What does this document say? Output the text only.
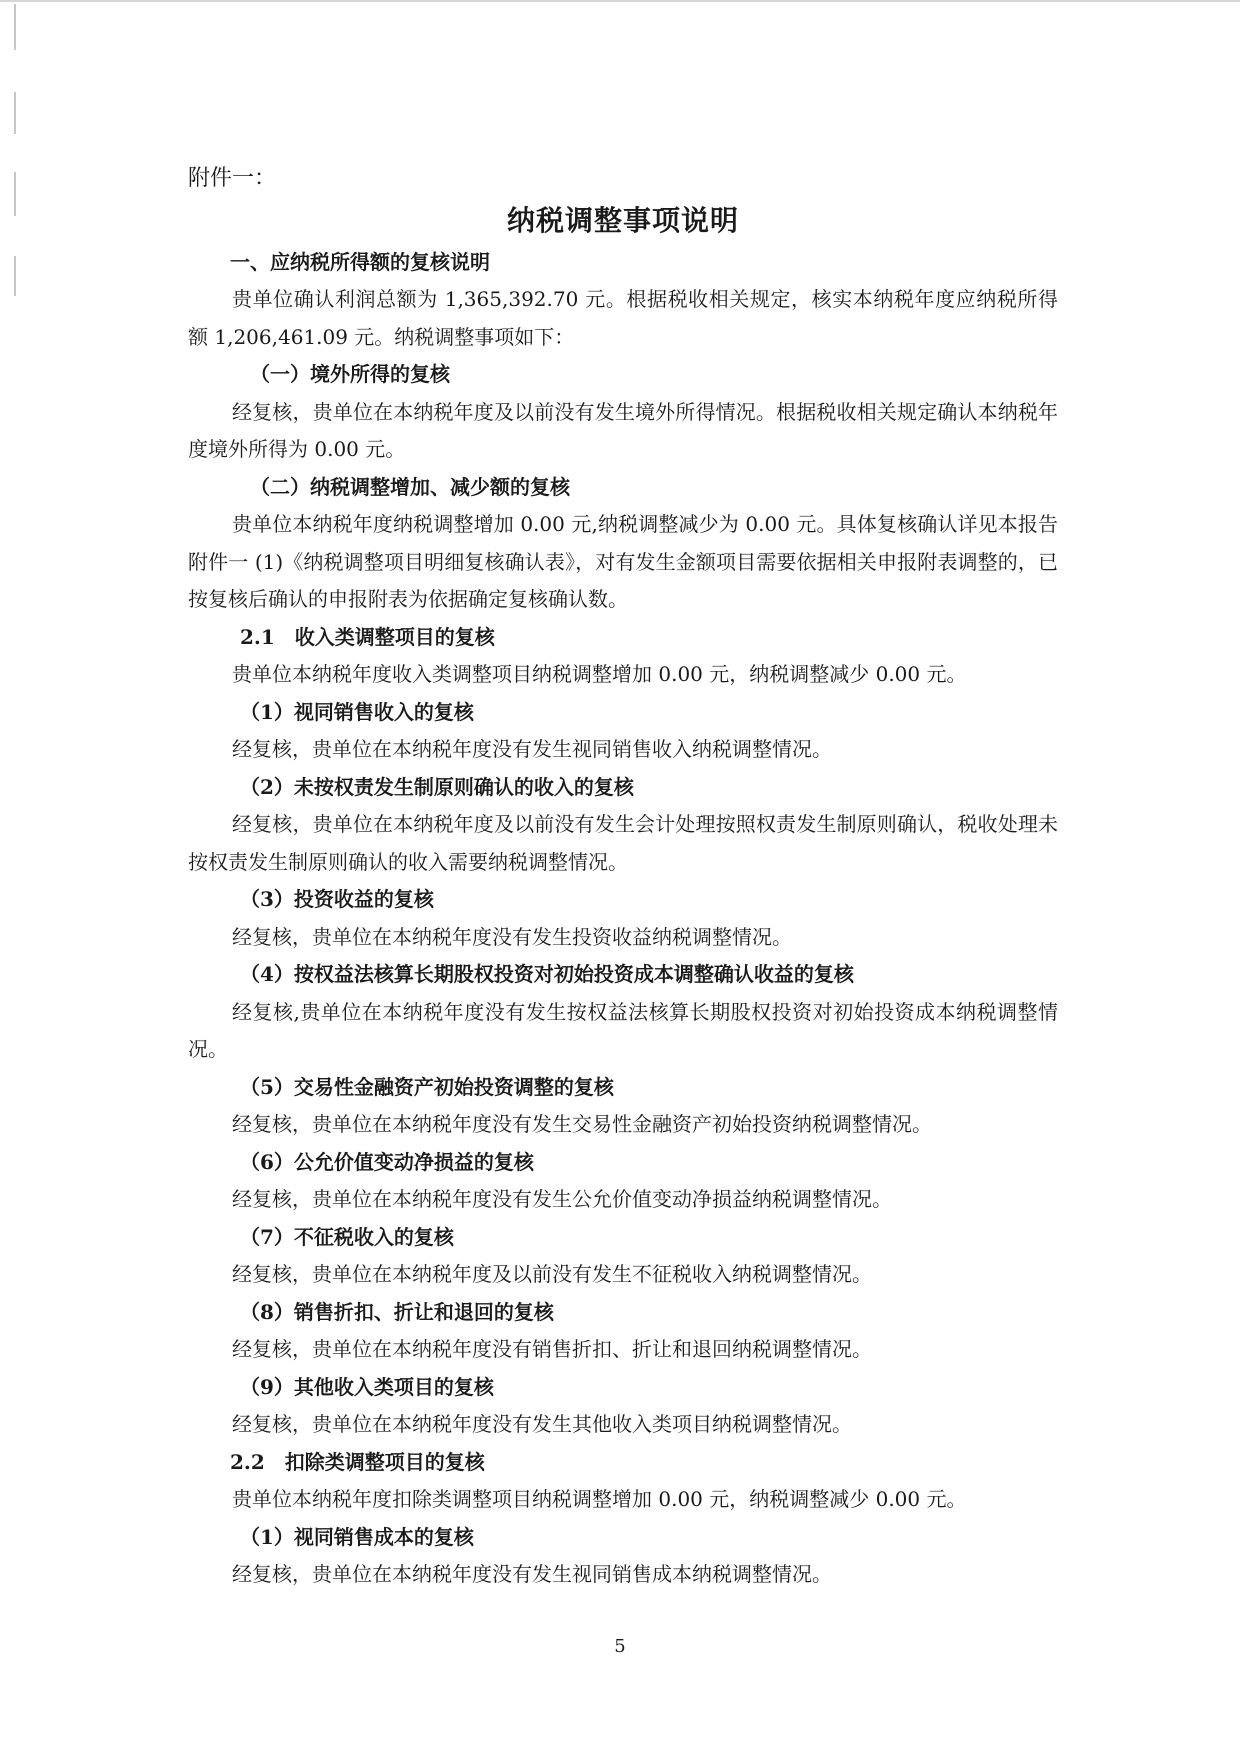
附件一：

纳税调整事项说明

一、应纳税所得额的复核说明

贵单位确认利润总额为 1,365,392.70 元。根据税收相关规定，核实本纳税年度应纳税所得额 1,206,461.09 元。纳税调整事项如下：

（一）境外所得的复核

经复核，贵单位在本纳税年度及以前没有发生境外所得情况。根据税收相关规定确认本纳税年度境外所得为 0.00 元。

（二）纳税调整增加、减少额的复核

贵单位本纳税年度纳税调整增加 0.00 元,纳税调整减少为 0.00 元。具体复核确认详见本报告附件一 (1)《纳税调整项目明细复核确认表》，对有发生金额项目需要依据相关申报附表调整的，已按复核后确认的申报附表为依据确定复核确认数。

2.1　收入类调整项目的复核

贵单位本纳税年度收入类调整项目纳税调整增加 0.00 元，纳税调整减少 0.00 元。

（1）视同销售收入的复核

经复核，贵单位在本纳税年度没有发生视同销售收入纳税调整情况。

（2）未按权责发生制原则确认的收入的复核

经复核，贵单位在本纳税年度及以前没有发生会计处理按照权责发生制原则确认，税收处理未按权责发生制原则确认的收入需要纳税调整情况。

（3）投资收益的复核

经复核，贵单位在本纳税年度没有发生投资收益纳税调整情况。

（4）按权益法核算长期股权投资对初始投资成本调整确认收益的复核

经复核,贵单位在本纳税年度没有发生按权益法核算长期股权投资对初始投资成本纳税调整情况。

（5）交易性金融资产初始投资调整的复核

经复核，贵单位在本纳税年度没有发生交易性金融资产初始投资纳税调整情况。

（6）公允价值变动净损益的复核

经复核，贵单位在本纳税年度没有发生公允价值变动净损益纳税调整情况。

（7）不征税收入的复核

经复核，贵单位在本纳税年度及以前没有发生不征税收入纳税调整情况。

（8）销售折扣、折让和退回的复核

经复核，贵单位在本纳税年度没有销售折扣、折让和退回纳税调整情况。

（9）其他收入类项目的复核

经复核，贵单位在本纳税年度没有发生其他收入类项目纳税调整情况。

2.2　扣除类调整项目的复核

贵单位本纳税年度扣除类调整项目纳税调整增加 0.00 元，纳税调整减少 0.00 元。

（1）视同销售成本的复核

经复核，贵单位在本纳税年度没有发生视同销售成本纳税调整情况。

5
